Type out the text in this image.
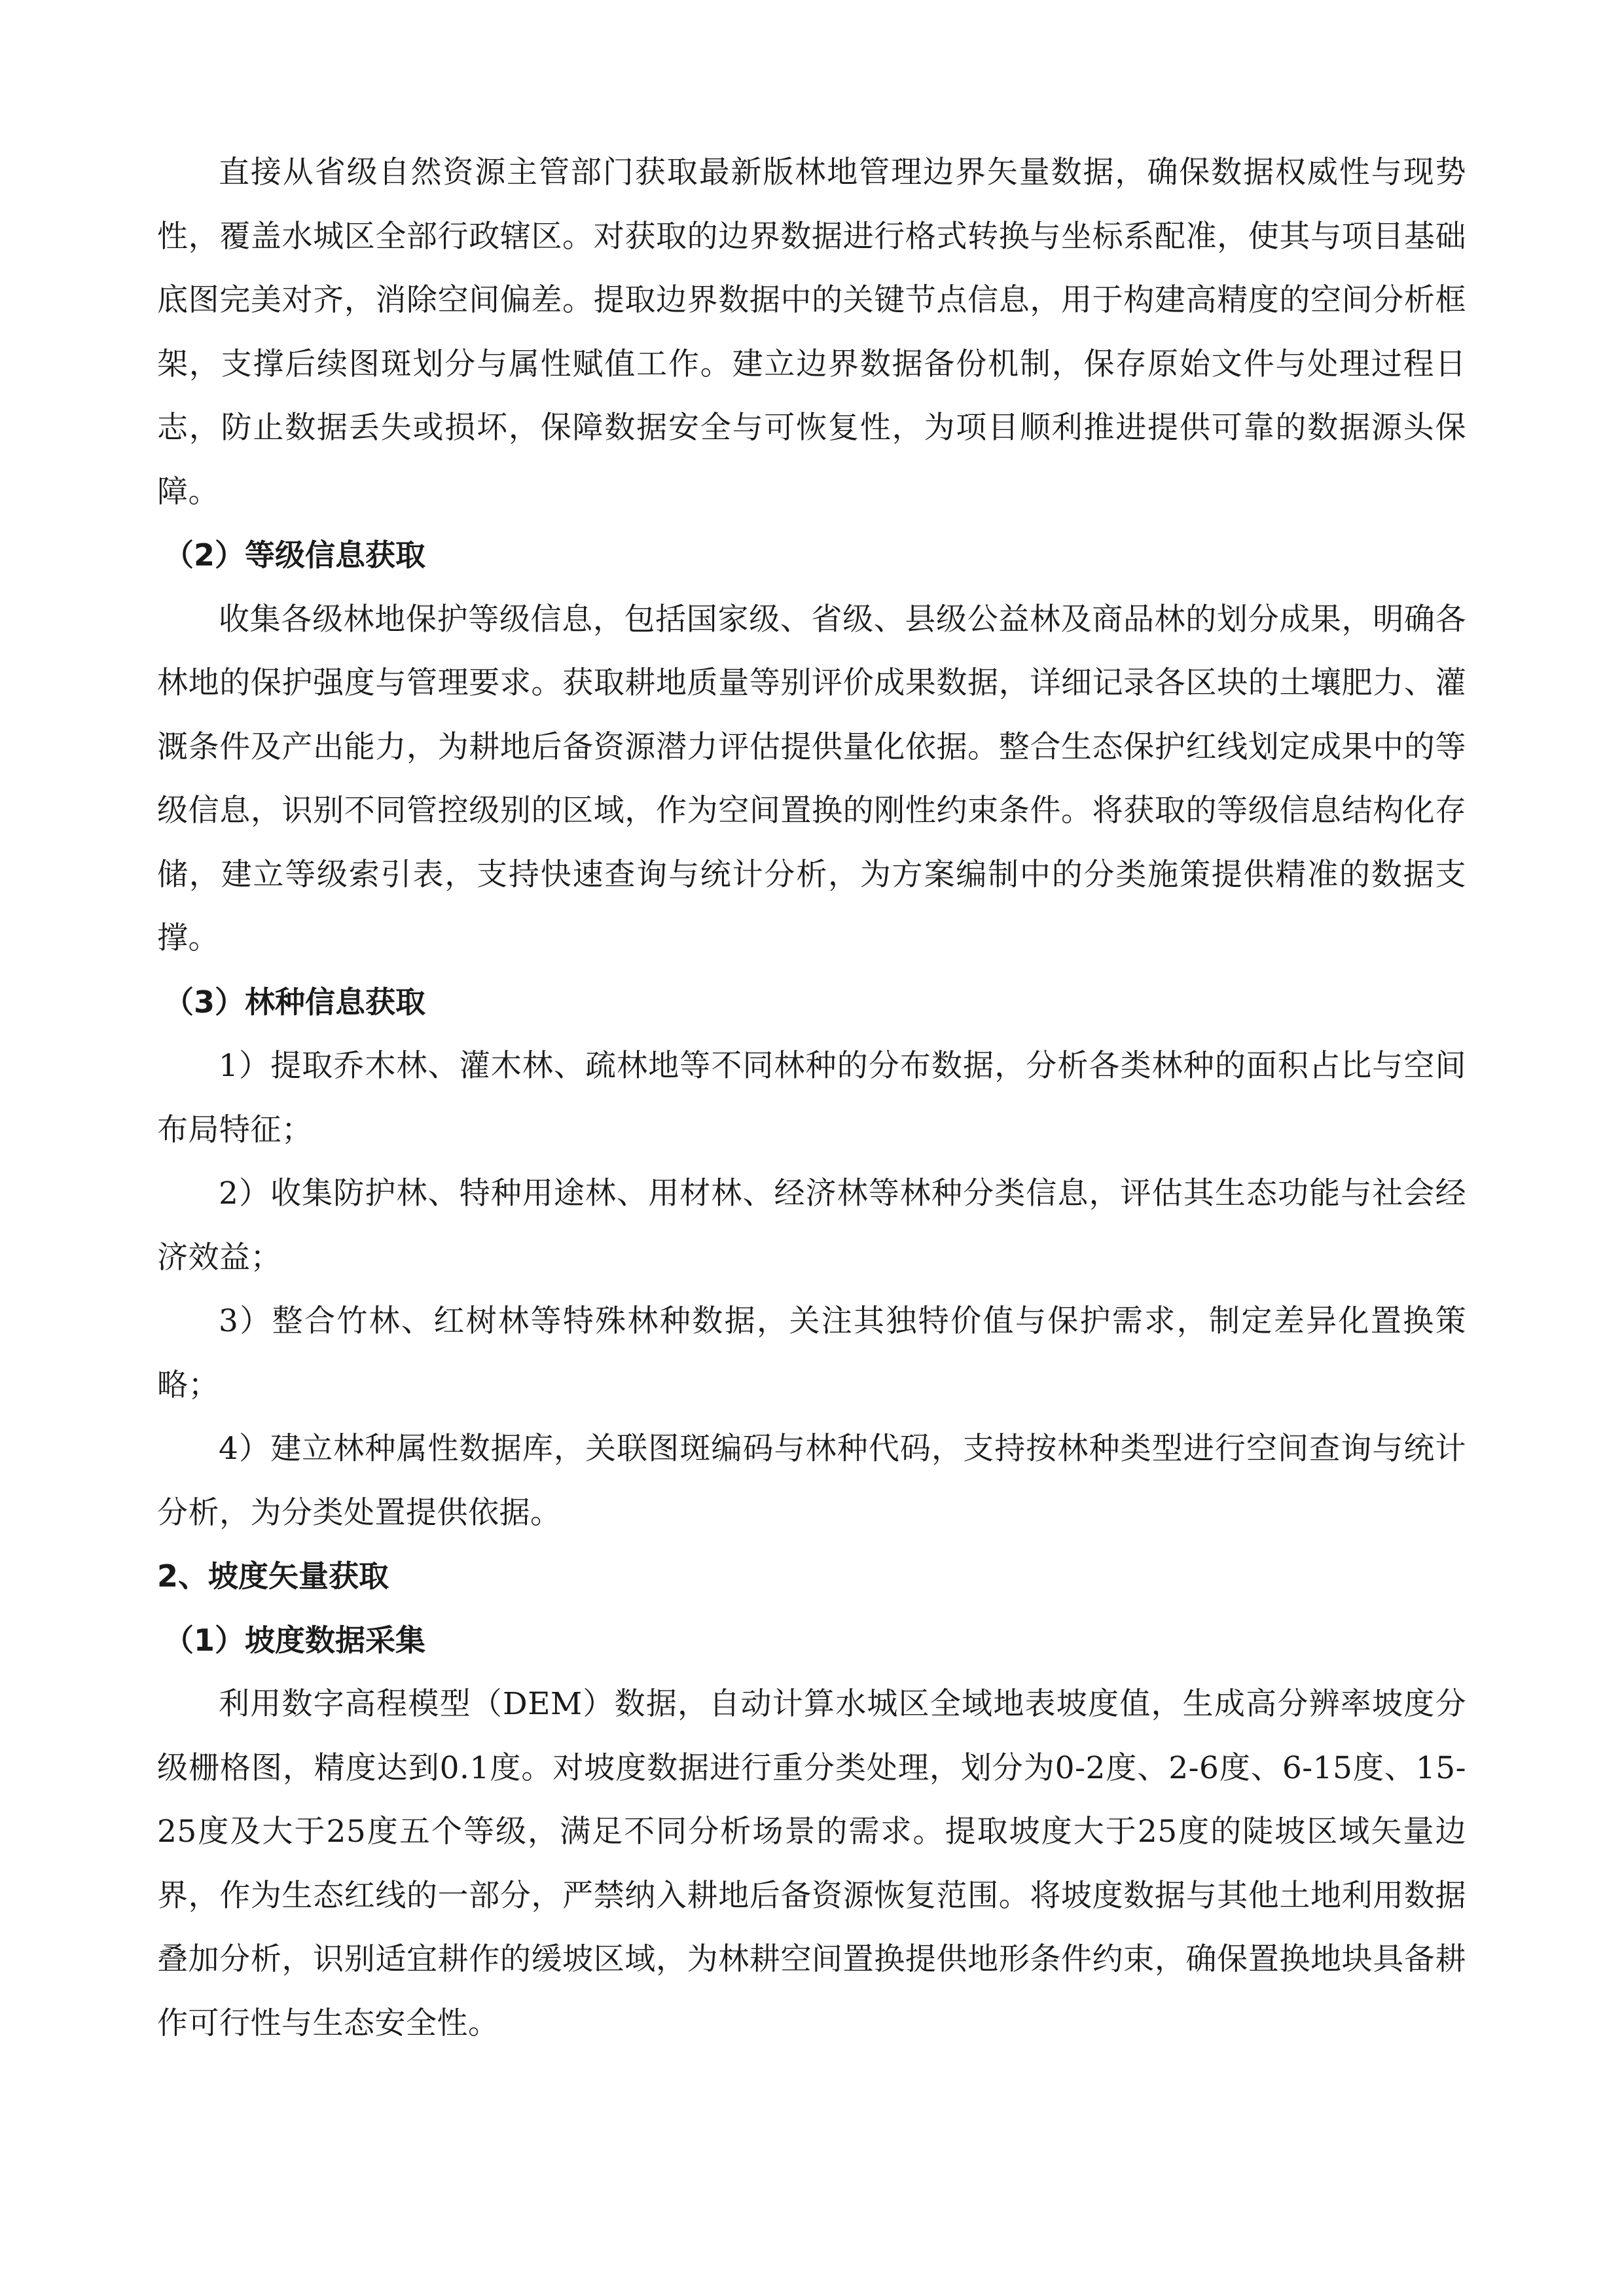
直接从省级自然资源主管部门获取最新版林地管理边界矢量数据，确保数据权威性与现势性，覆盖水城区全部行政辖区。对获取的边界数据进行格式转换与坐标系配准，使其与项目基础底图完美对齐，消除空间偏差。提取边界数据中的关键节点信息，用于构建高精度的空间分析框架，支撑后续图斑划分与属性赋值工作。建立边界数据备份机制，保存原始文件与处理过程日志，防止数据丢失或损坏，保障数据安全与可恢复性，为项目顺利推进提供可靠的数据源头保障。

（2）等级信息获取

收集各级林地保护等级信息，包括国家级、省级、县级公益林及商品林的划分成果，明确各林地的保护强度与管理要求。获取耕地质量等别评价成果数据，详细记录各区块的土壤肥力、灌溉条件及产出能力，为耕地后备资源潜力评估提供量化依据。整合生态保护红线划定成果中的等级信息，识别不同管控级别的区域，作为空间置换的刚性约束条件。将获取的等级信息结构化存储，建立等级索引表，支持快速查询与统计分析，为方案编制中的分类施策提供精准的数据支撑。

（3）林种信息获取

1）提取乔木林、灌木林、疏林地等不同林种的分布数据，分析各类林种的面积占比与空间布局特征；

2）收集防护林、特种用途林、用材林、经济林等林种分类信息，评估其生态功能与社会经济效益；

3）整合竹林、红树林等特殊林种数据，关注其独特价值与保护需求，制定差异化置换策略；

4）建立林种属性数据库，关联图斑编码与林种代码，支持按林种类型进行空间查询与统计分析，为分类处置提供依据。

2、坡度矢量获取

（1）坡度数据采集

利用数字高程模型（DEM）数据，自动计算水城区全域地表坡度值，生成高分辨率坡度分级栅格图，精度达到0.1度。对坡度数据进行重分类处理，划分为0-2度、2-6度、6-15度、15-25度及大于25度五个等级，满足不同分析场景的需求。提取坡度大于25度的陡坡区域矢量边界，作为生态红线的一部分，严禁纳入耕地后备资源恢复范围。将坡度数据与其他土地利用数据叠加分析，识别适宜耕作的缓坡区域，为林耕空间置换提供地形条件约束，确保置换地块具备耕作可行性与生态安全性。
